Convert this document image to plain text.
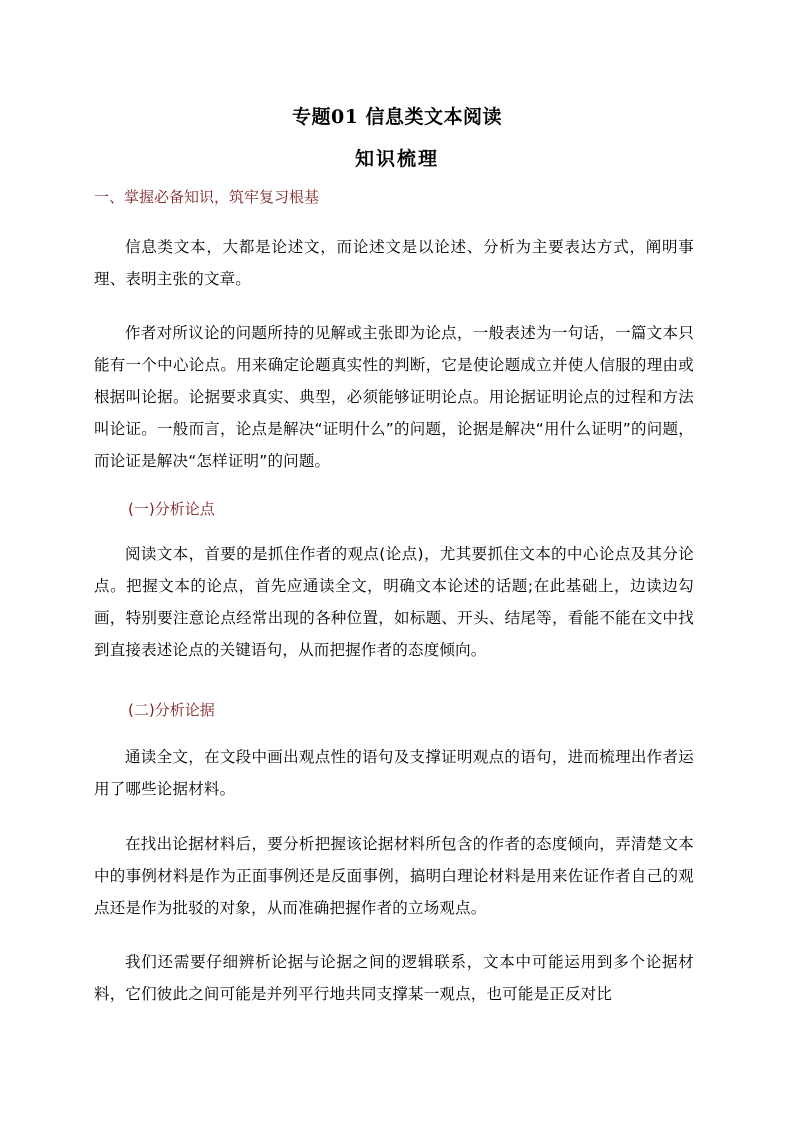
专题01 信息类文本阅读
知识梳理
一、掌握必备知识，筑牢复习根基

信息类文本，大都是论述文，而论述文是以论述、分析为主要表达方式，阐明事理、表明主张的文章。

作者对所议论的问题所持的见解或主张即为论点，一般表述为一句话，一篇文本只能有一个中心论点。用来确定论题真实性的判断，它是使论题成立并使人信服的理由或根据叫论据。论据要求真实、典型，必须能够证明论点。用论据证明论点的过程和方法叫论证。一般而言，论点是解决“证明什么”的问题，论据是解决“用什么证明”的问题，而论证是解决“怎样证明”的问题。

(一)分析论点

阅读文本，首要的是抓住作者的观点(论点)，尤其要抓住文本的中心论点及其分论点。把握文本的论点，首先应通读全文，明确文本论述的话题;在此基础上，边读边勾画，特别要注意论点经常出现的各种位置，如标题、开头、结尾等，看能不能在文中找到直接表述论点的关键语句，从而把握作者的态度倾向。

(二)分析论据

通读全文，在文段中画出观点性的语句及支撑证明观点的语句，进而梳理出作者运用了哪些论据材料。

在找出论据材料后，要分析把握该论据材料所包含的作者的态度倾向，弄清楚文本中的事例材料是作为正面事例还是反面事例，搞明白理论材料是用来佐证作者自己的观点还是作为批驳的对象，从而准确把握作者的立场观点。

我们还需要仔细辨析论据与论据之间的逻辑联系，文本中可能运用到多个论据材料，它们彼此之间可能是并列平行地共同支撑某一观点，也可能是正反对比
